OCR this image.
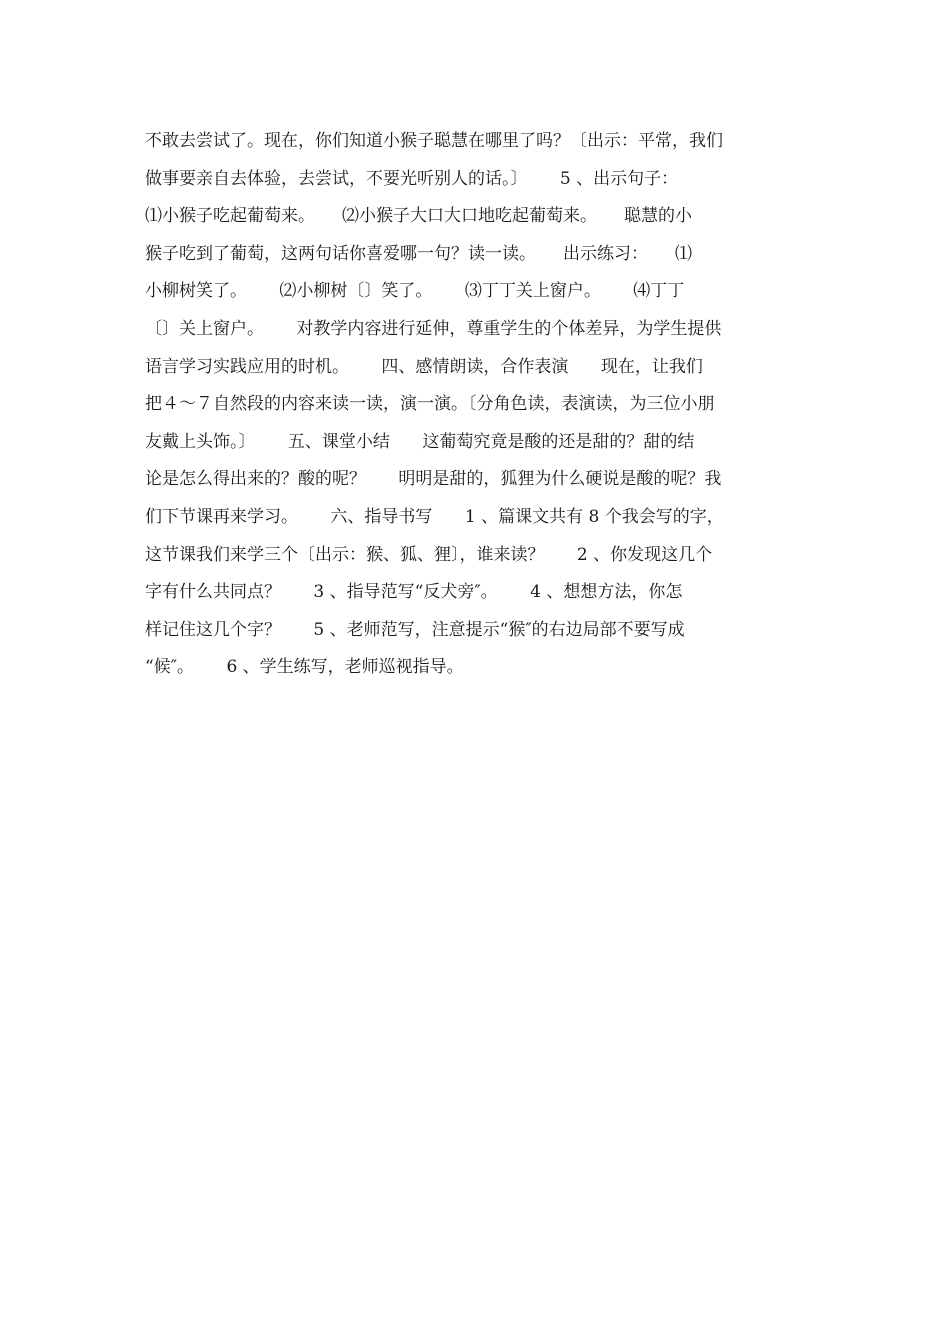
不敢去尝试了。现在，你们知道小猴子聪慧在哪里了吗？〔出示：平常，我们
做事要亲自去体验，去尝试，不要光听别人的话。〕      5 、出示句子：
⑴小猴子吃起葡萄来。     ⑵小猴子大口大口地吃起葡萄来。     聪慧的小
猴子吃到了葡萄，这两句话你喜爱哪一句？读一读。     出示练习：     ⑴
小柳树笑了。      ⑵小柳树〔〕笑了。      ⑶丁丁关上窗户。      ⑷丁丁
〔〕关上窗户。      对教学内容进行延伸，尊重学生的个体差异，为学生提供
语言学习实践应用的时机。      四、感情朗读，合作表演      现在，让我们
把４～７自然段的内容来读一读，演一演。〔分角色读，表演读，为三位小朋
友戴上头饰。〕      五、课堂小结      这葡萄究竟是酸的还是甜的？甜的结
论是怎么得出来的？酸的呢？      明明是甜的，狐狸为什么硬说是酸的呢？我
们下节课再来学习。      六、指导书写      1 、篇课文共有 8 个我会写的字，
这节课我们来学三个〔出示：猴、狐、狸〕，谁来读？      2 、你发现这几个
字有什么共同点？      3 、指导范写“反犬旁″。      4 、想想方法，你怎
样记住这几个字？      5 、老师范写，注意提示“猴″的右边局部不要写成
“候″。      6 、学生练写，老师巡视指导。
